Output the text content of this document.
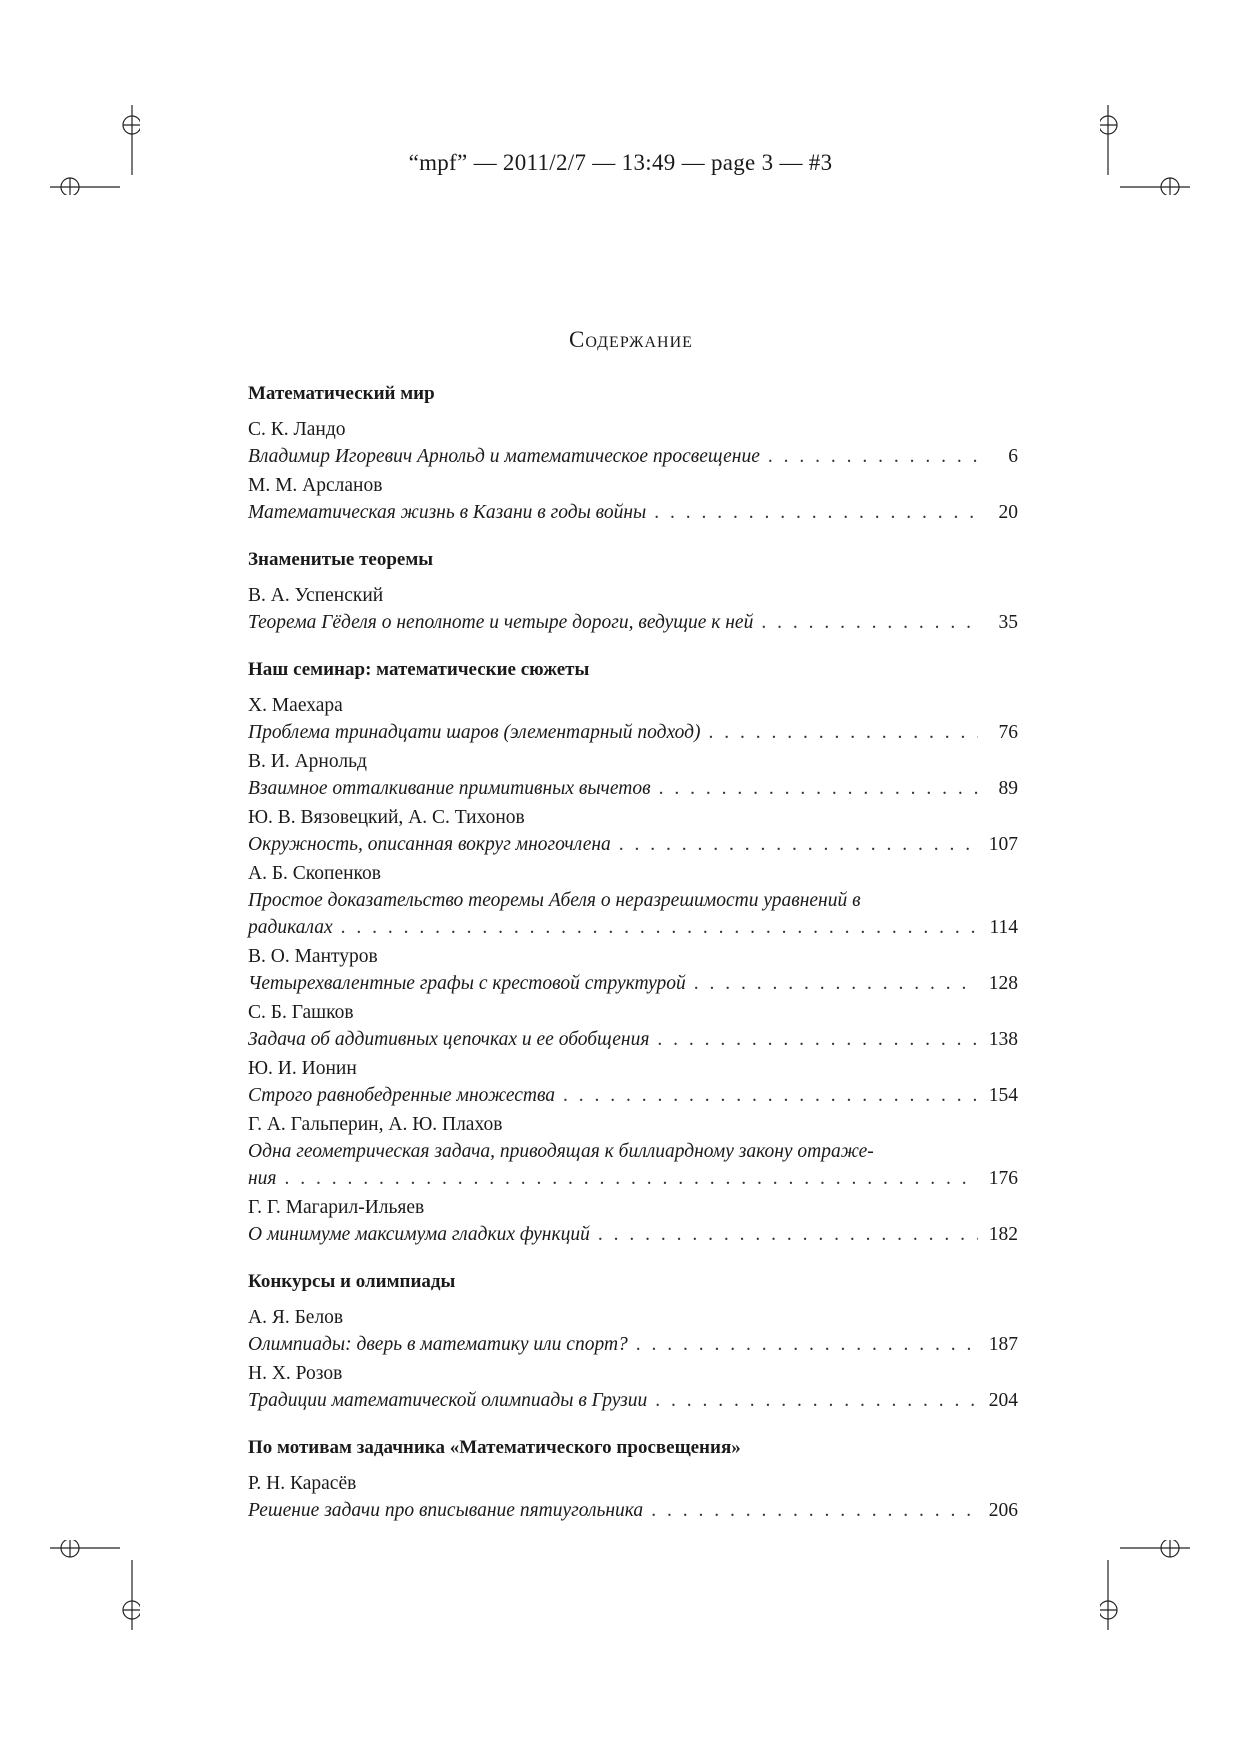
“mpf” — 2011/2/7 — 13:49 — page 3 — #3
Содержание
Математический мир
С. К. Ландо
Владимир Игоревич Арнольд и математическое просвещение . . .	6
М. М. Арсланов
Математическая жизнь в Казани в годы войны . . .	20
Знаменитые теоремы
В. А. Успенский
Теорема Гёделя о неполноте и четыре дороги, ведущие к ней . . .	35
Наш семинар: математические сюжеты
Х. Маехара
Проблема тринадцати шаров (элементарный подход) . . .	76
В. И. Арнольд
Взаимное отталкивание примитивных вычетов . . .	89
Ю. В. Вязовецкий, А. С. Тихонов
Окружность, описанная вокруг многочлена . . .	107
А. Б. Скопенков
Простое доказательство теоремы Абеля о неразрешимости уравнений в
радикалах . . .	114
В. О. Мантуров
Четырехвалентные графы с крестовой структурой . . .	128
С. Б. Гашков
Задача об аддитивных цепочках и ее обобщения . . .	138
Ю. И. Ионин
Строго равнобедренные множества . . .	154
Г. А. Гальперин, А. Ю. Плахов
Одна геометрическая задача, приводящая к биллиардному закону отраже-
ния . . .	176
Г. Г. Магарил-Ильяев
О минимуме максимума гладких функций . . .	182
Конкурсы и олимпиады
А. Я. Белов
Олимпиады: дверь в математику или спорт? . . .	187
Н. Х. Розов
Традиции математической олимпиады в Грузии . . .	204
По мотивам задачника «Математического просвещения»
Р. Н. Карасёв
Решение задачи про вписывание пятиугольника . . .	206
